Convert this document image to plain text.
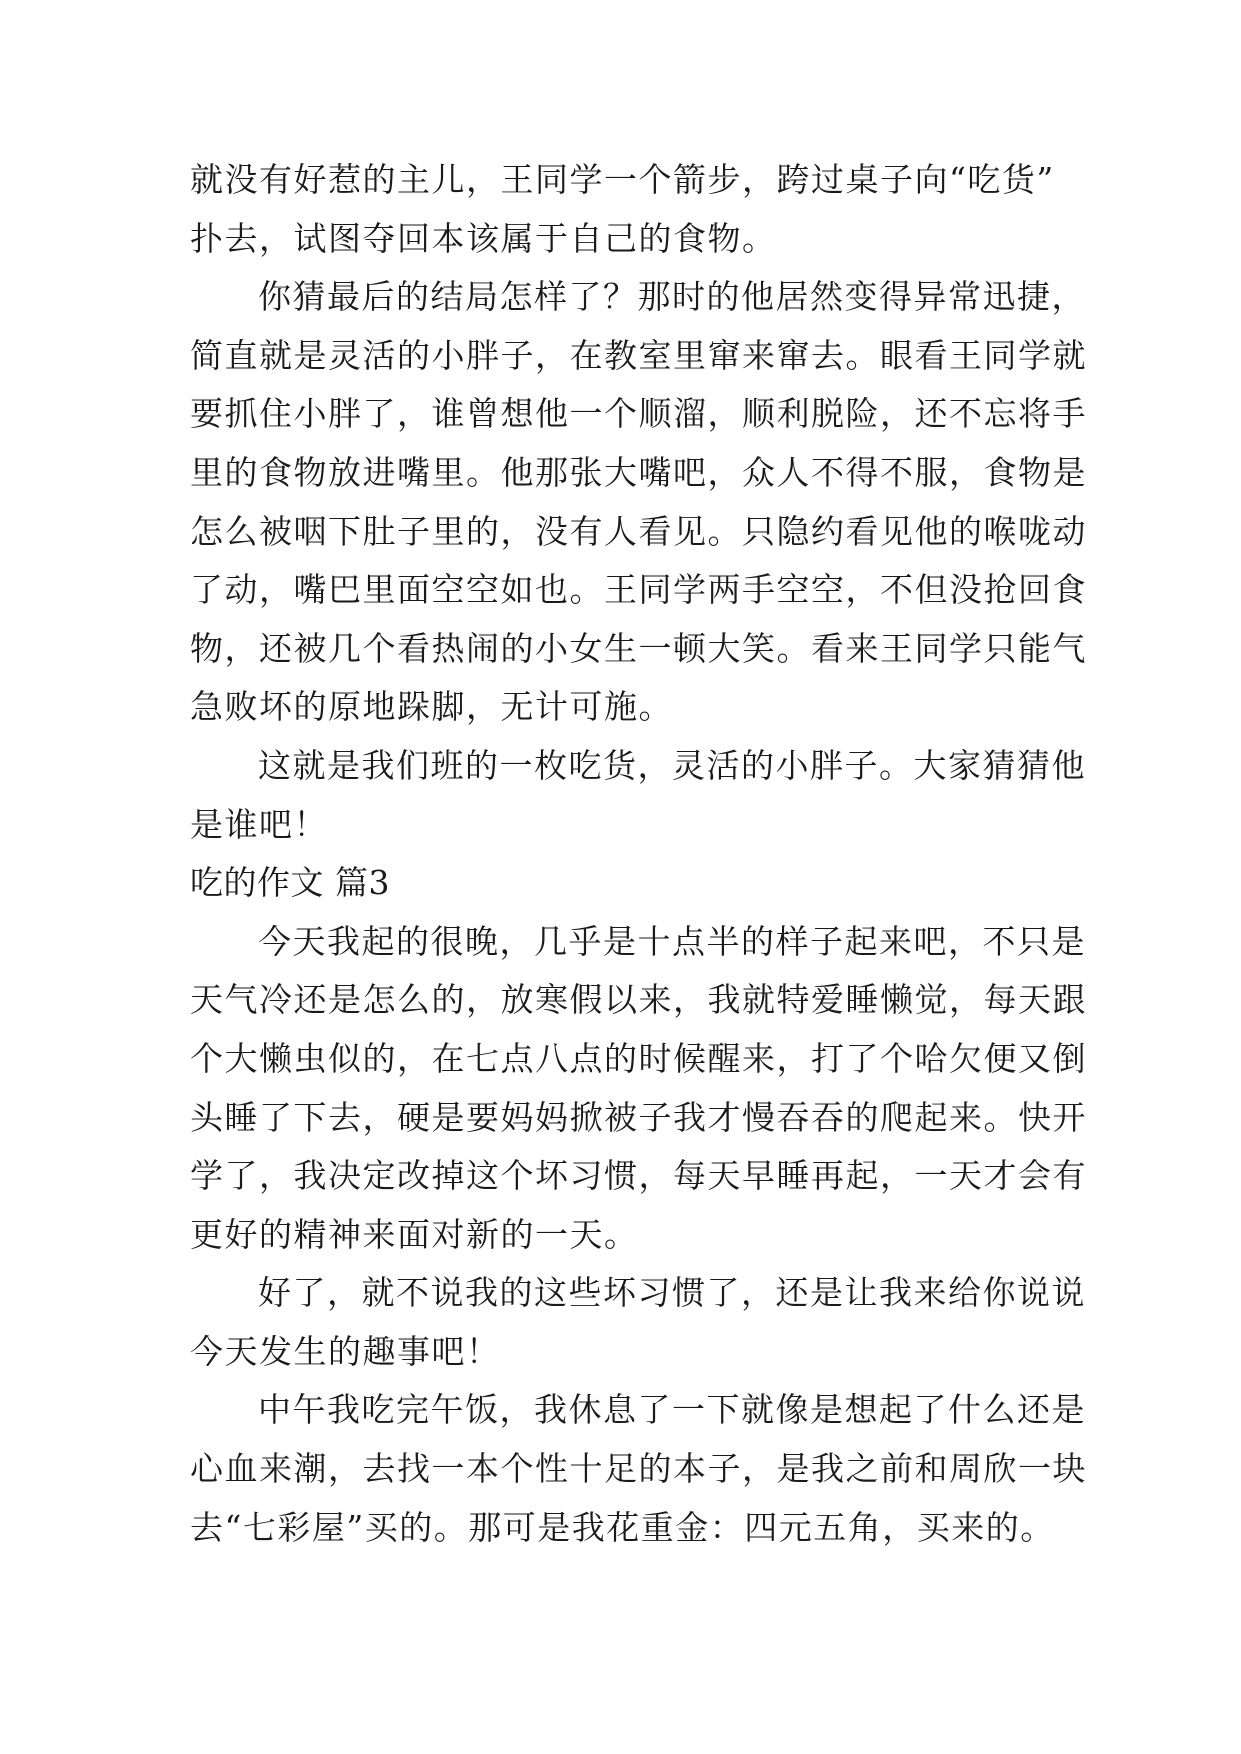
就没有好惹的主儿，王同学一个箭步，跨过桌子向“吃货”
扑去，试图夺回本该属于自己的食物。
你猜最后的结局怎样了？那时的他居然变得异常迅捷，
简直就是灵活的小胖子，在教室里窜来窜去。眼看王同学就
要抓住小胖了，谁曾想他一个顺溜，顺利脱险，还不忘将手
里的食物放进嘴里。他那张大嘴吧，众人不得不服，食物是
怎么被咽下肚子里的，没有人看见。只隐约看见他的喉咙动
了动，嘴巴里面空空如也。王同学两手空空，不但没抢回食
物，还被几个看热闹的小女生一顿大笑。看来王同学只能气
急败坏的原地跺脚，无计可施。
这就是我们班的一枚吃货，灵活的小胖子。大家猜猜他
是谁吧！
吃的作文 篇3
今天我起的很晚，几乎是十点半的样子起来吧，不只是
天气冷还是怎么的，放寒假以来，我就特爱睡懒觉，每天跟
个大懒虫似的，在七点八点的时候醒来，打了个哈欠便又倒
头睡了下去，硬是要妈妈掀被子我才慢吞吞的爬起来。快开
学了，我决定改掉这个坏习惯，每天早睡再起，一天才会有
更好的精神来面对新的一天。
好了，就不说我的这些坏习惯了，还是让我来给你说说
今天发生的趣事吧！
中午我吃完午饭，我休息了一下就像是想起了什么还是
心血来潮，去找一本个性十足的本子，是我之前和周欣一块
去“七彩屋”买的。那可是我花重金：四元五角，买来的。
